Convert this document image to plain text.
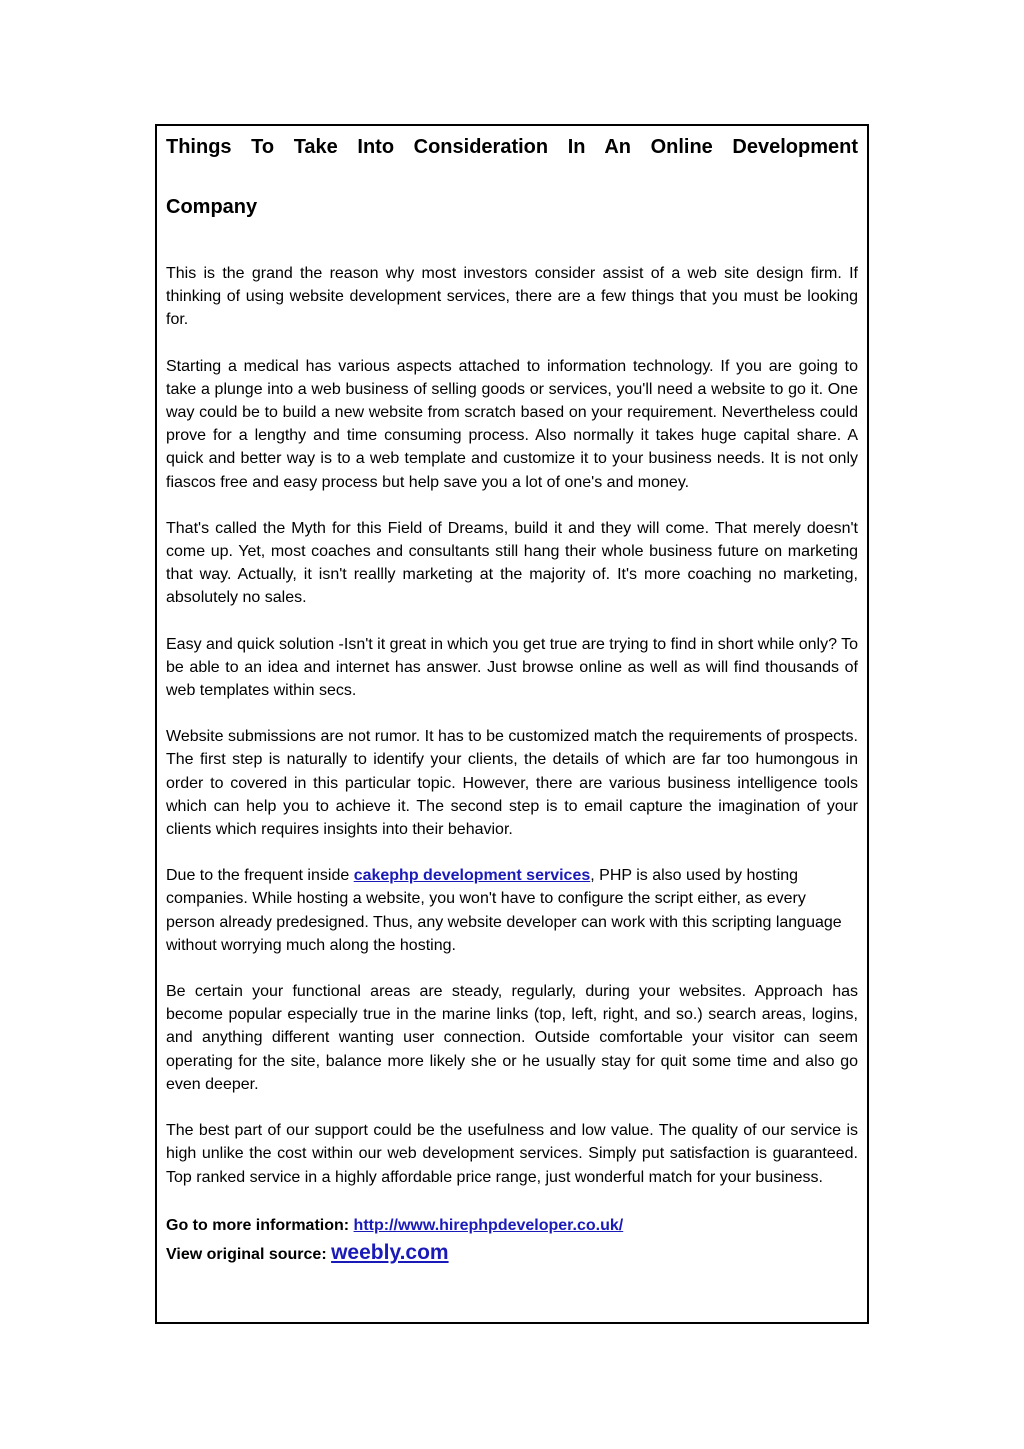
Things To Take Into Consideration In An Online Development
Company

This is the grand the reason why most investors consider assist of a web site design firm. If thinking of using website development services, there are a few things that you must be looking for.

Starting a medical has various aspects attached to information technology. If you are going to take a plunge into a web business of selling goods or services, you'll need a website to go it. One way could be to build a new website from scratch based on your requirement. Nevertheless could prove for a lengthy and time consuming process. Also normally it takes huge capital share. A quick and better way is to a web template and customize it to your business needs. It is not only fiascos free and easy process but help save you a lot of one's and money.

That's called the Myth for this Field of Dreams, build it and they will come. That merely doesn't come up. Yet, most coaches and consultants still hang their whole business future on marketing that way. Actually, it isn't reallly marketing at the majority of. It's more coaching no marketing, absolutely no sales.

Easy and quick solution -Isn't it great in which you get true are trying to find in short while only? To be able to an idea and internet has answer. Just browse online as well as will find thousands of web templates within secs.

Website submissions are not rumor. It has to be customized match the requirements of prospects. The first step is naturally to identify your clients, the details of which are far too humongous in order to covered in this particular topic. However, there are various business intelligence tools which can help you to achieve it. The second step is to email capture the imagination of your clients which requires insights into their behavior.

Due to the frequent inside cakephp development services, PHP is also used by hosting companies. While hosting a website, you won't have to configure the script either, as every person already predesigned. Thus, any website developer can work with this scripting language without worrying much along the hosting.

Be certain your functional areas are steady, regularly, during your websites. Approach has become popular especially true in the marine links (top, left, right, and so.) search areas, logins, and anything different wanting user connection. Outside comfortable your visitor can seem operating for the site, balance more likely she or he usually stay for quit some time and also go even deeper.

The best part of our support could be the usefulness and low value. The quality of our service is high unlike the cost within our web development services. Simply put satisfaction is guaranteed. Top ranked service in a highly affordable price range, just wonderful match for your business.

Go to more information: http://www.hirephpdeveloper.co.uk/
View original source: weebly.com
